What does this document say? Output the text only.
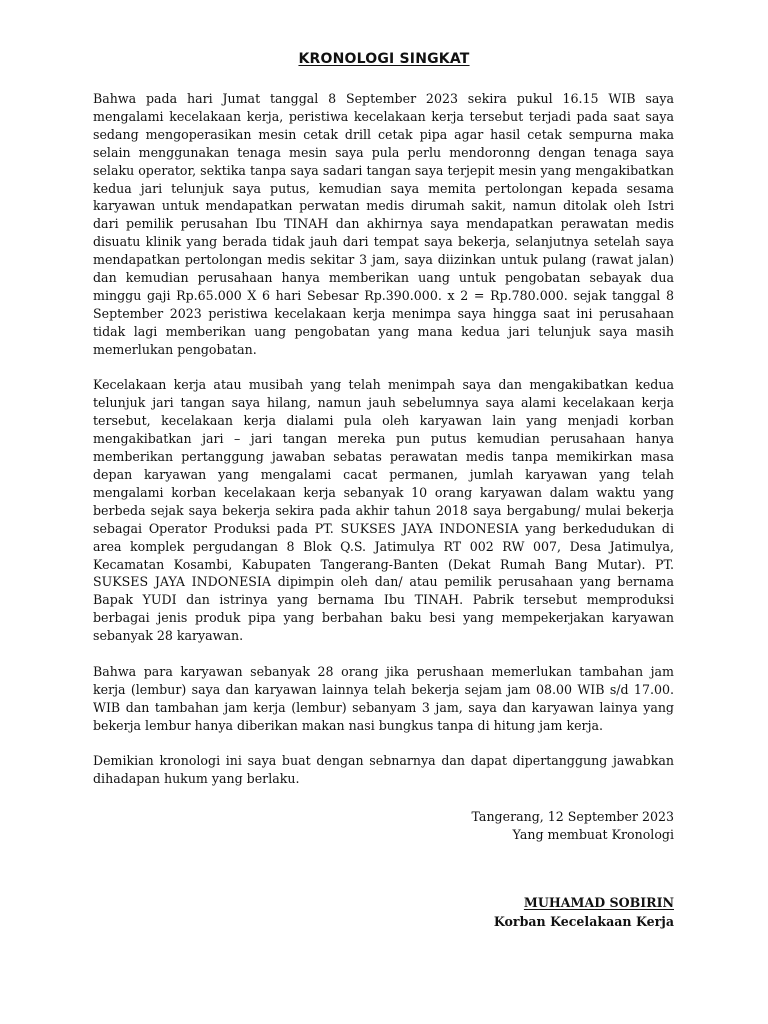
KRONOLOGI SINGKAT

Bahwa pada hari Jumat tanggal 8 September 2023 sekira pukul 16.15 WIB saya mengalami kecelakaan kerja, peristiwa kecelakaan kerja tersebut terjadi pada saat saya sedang mengoperasikan mesin cetak drill cetak pipa agar hasil cetak sempurna maka selain menggunakan tenaga mesin saya pula perlu mendoronng dengan tenaga saya selaku operator, sektika tanpa saya sadari tangan saya terjepit mesin yang mengakibatkan kedua jari telunjuk saya putus, kemudian saya memita pertolongan kepada sesama karyawan untuk mendapatkan perwatan medis dirumah sakit, namun ditolak oleh Istri dari pemilik perusahan Ibu TINAH dan akhirnya saya mendapatkan perawatan medis disuatu klinik yang berada tidak jauh dari tempat saya bekerja, selanjutnya setelah saya mendapatkan pertolongan medis sekitar 3 jam, saya diizinkan untuk pulang (rawat jalan) dan kemudian perusahaan hanya memberikan uang untuk pengobatan sebayak dua minggu gaji Rp.65.000 X 6 hari Sebesar Rp.390.000. x 2 = Rp.780.000. sejak tanggal 8 September 2023 peristiwa kecelakaan kerja menimpa saya hingga saat ini perusahaan tidak lagi memberikan uang pengobatan yang mana kedua jari telunjuk saya masih memerlukan pengobatan.

Kecelakaan kerja atau musibah yang telah menimpah saya dan mengakibatkan kedua telunjuk jari tangan saya hilang, namun jauh sebelumnya saya alami kecelakaan kerja tersebut, kecelakaan kerja dialami pula oleh karyawan lain yang menjadi korban mengakibatkan jari – jari tangan mereka pun putus kemudian perusahaan hanya memberikan pertanggung jawaban sebatas perawatan medis tanpa memikirkan masa depan karyawan yang mengalami cacat permanen, jumlah karyawan yang telah mengalami korban kecelakaan kerja sebanyak 10 orang karyawan dalam waktu yang berbeda sejak saya bekerja sekira pada akhir tahun 2018 saya bergabung/ mulai bekerja sebagai Operator Produksi pada PT. SUKSES JAYA INDONESIA yang berkedudukan di area komplek pergudangan 8 Blok Q.S. Jatimulya RT 002 RW 007, Desa Jatimulya, Kecamatan Kosambi, Kabupaten Tangerang-Banten (Dekat Rumah Bang Mutar). PT. SUKSES JAYA INDONESIA dipimpin oleh dan/ atau pemilik perusahaan yang bernama Bapak YUDI dan istrinya yang bernama Ibu TINAH. Pabrik tersebut memproduksi berbagai jenis produk pipa yang berbahan baku besi yang mempekerjakan karyawan sebanyak 28 karyawan.

Bahwa para karyawan sebanyak 28 orang jika perushaan memerlukan tambahan jam kerja (lembur) saya dan karyawan lainnya telah bekerja sejam jam 08.00 WIB s/d 17.00. WIB dan tambahan jam kerja (lembur) sebanyam 3 jam, saya dan karyawan lainya yang bekerja lembur hanya diberikan makan nasi bungkus tanpa di hitung jam kerja.

Demikian kronologi ini saya buat dengan sebnarnya dan dapat dipertanggung jawabkan dihadapan hukum yang berlaku.

Tangerang, 12 September 2023
Yang membuat Kronologi
MUHAMAD SOBIRIN
Korban Kecelakaan Kerja
